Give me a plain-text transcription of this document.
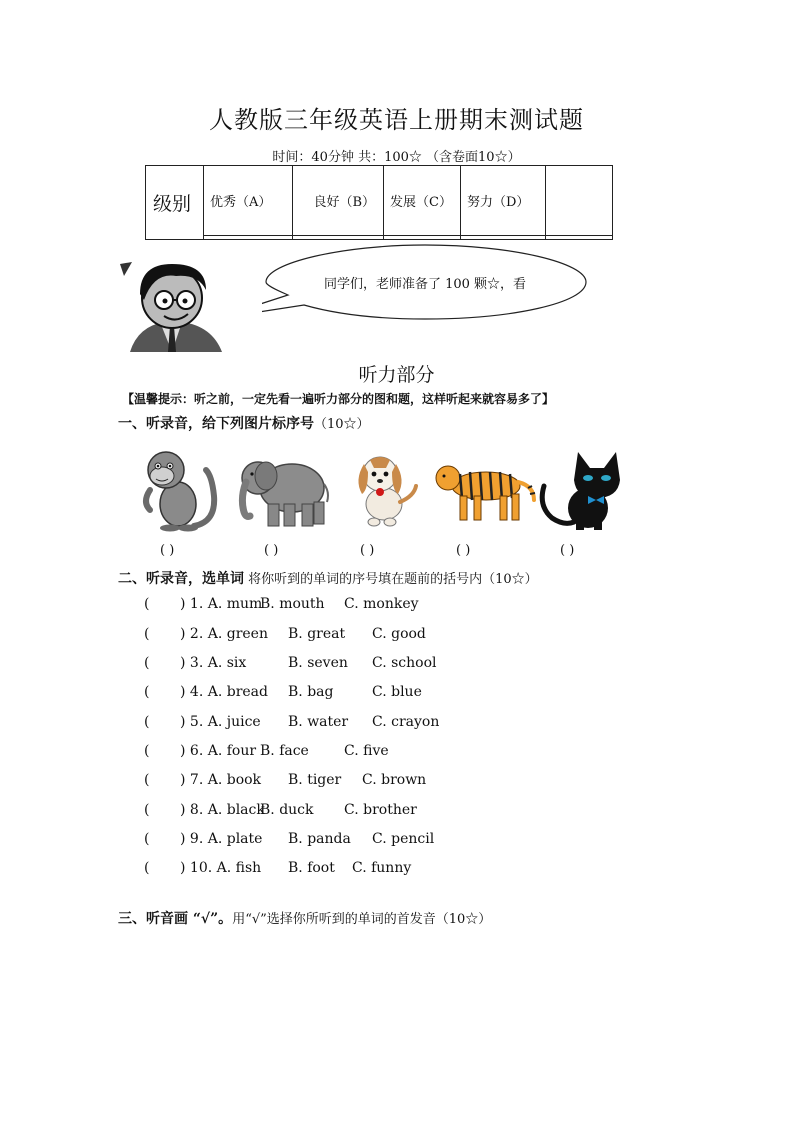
人教版三年级英语上册期末测试题
时间：40分钟 共：100☆ （含卷面10☆）
级别	优秀（A）	良好（B）	发展（C）	努力（D）	

同学们，老师准备了 100 颗☆，看
听力部分
【温馨提示：听之前，一定先看一遍听力部分的图和题，这样听起来就容易多了】
一、听录音，给下列图片标序号（10☆）
( )	( )	( )	( )	( )
二、听录音，选单词 将你听到的单词的序号填在题前的括号内（10☆）
( ) 1. A. mum
B. mouth C. monkey
( ) 2. A. green B. great C. good
( ) 3. A. six	B. seven C. school
( ) 4. A. bread B. bag	C. blue
( ) 5. A. juice B. water C. crayon
( ) 6. A. four B. face	C. five
( ) 7. A. book B. tiger C. brown
( ) 8. A. black
B. duck C. brother
( ) 9. A. plate B. panda C. pencil
( ) 10. A. fish B. foot C. funny
三、听音画 “√”。用“√”选择你所听到的单词的首发音（10☆）
